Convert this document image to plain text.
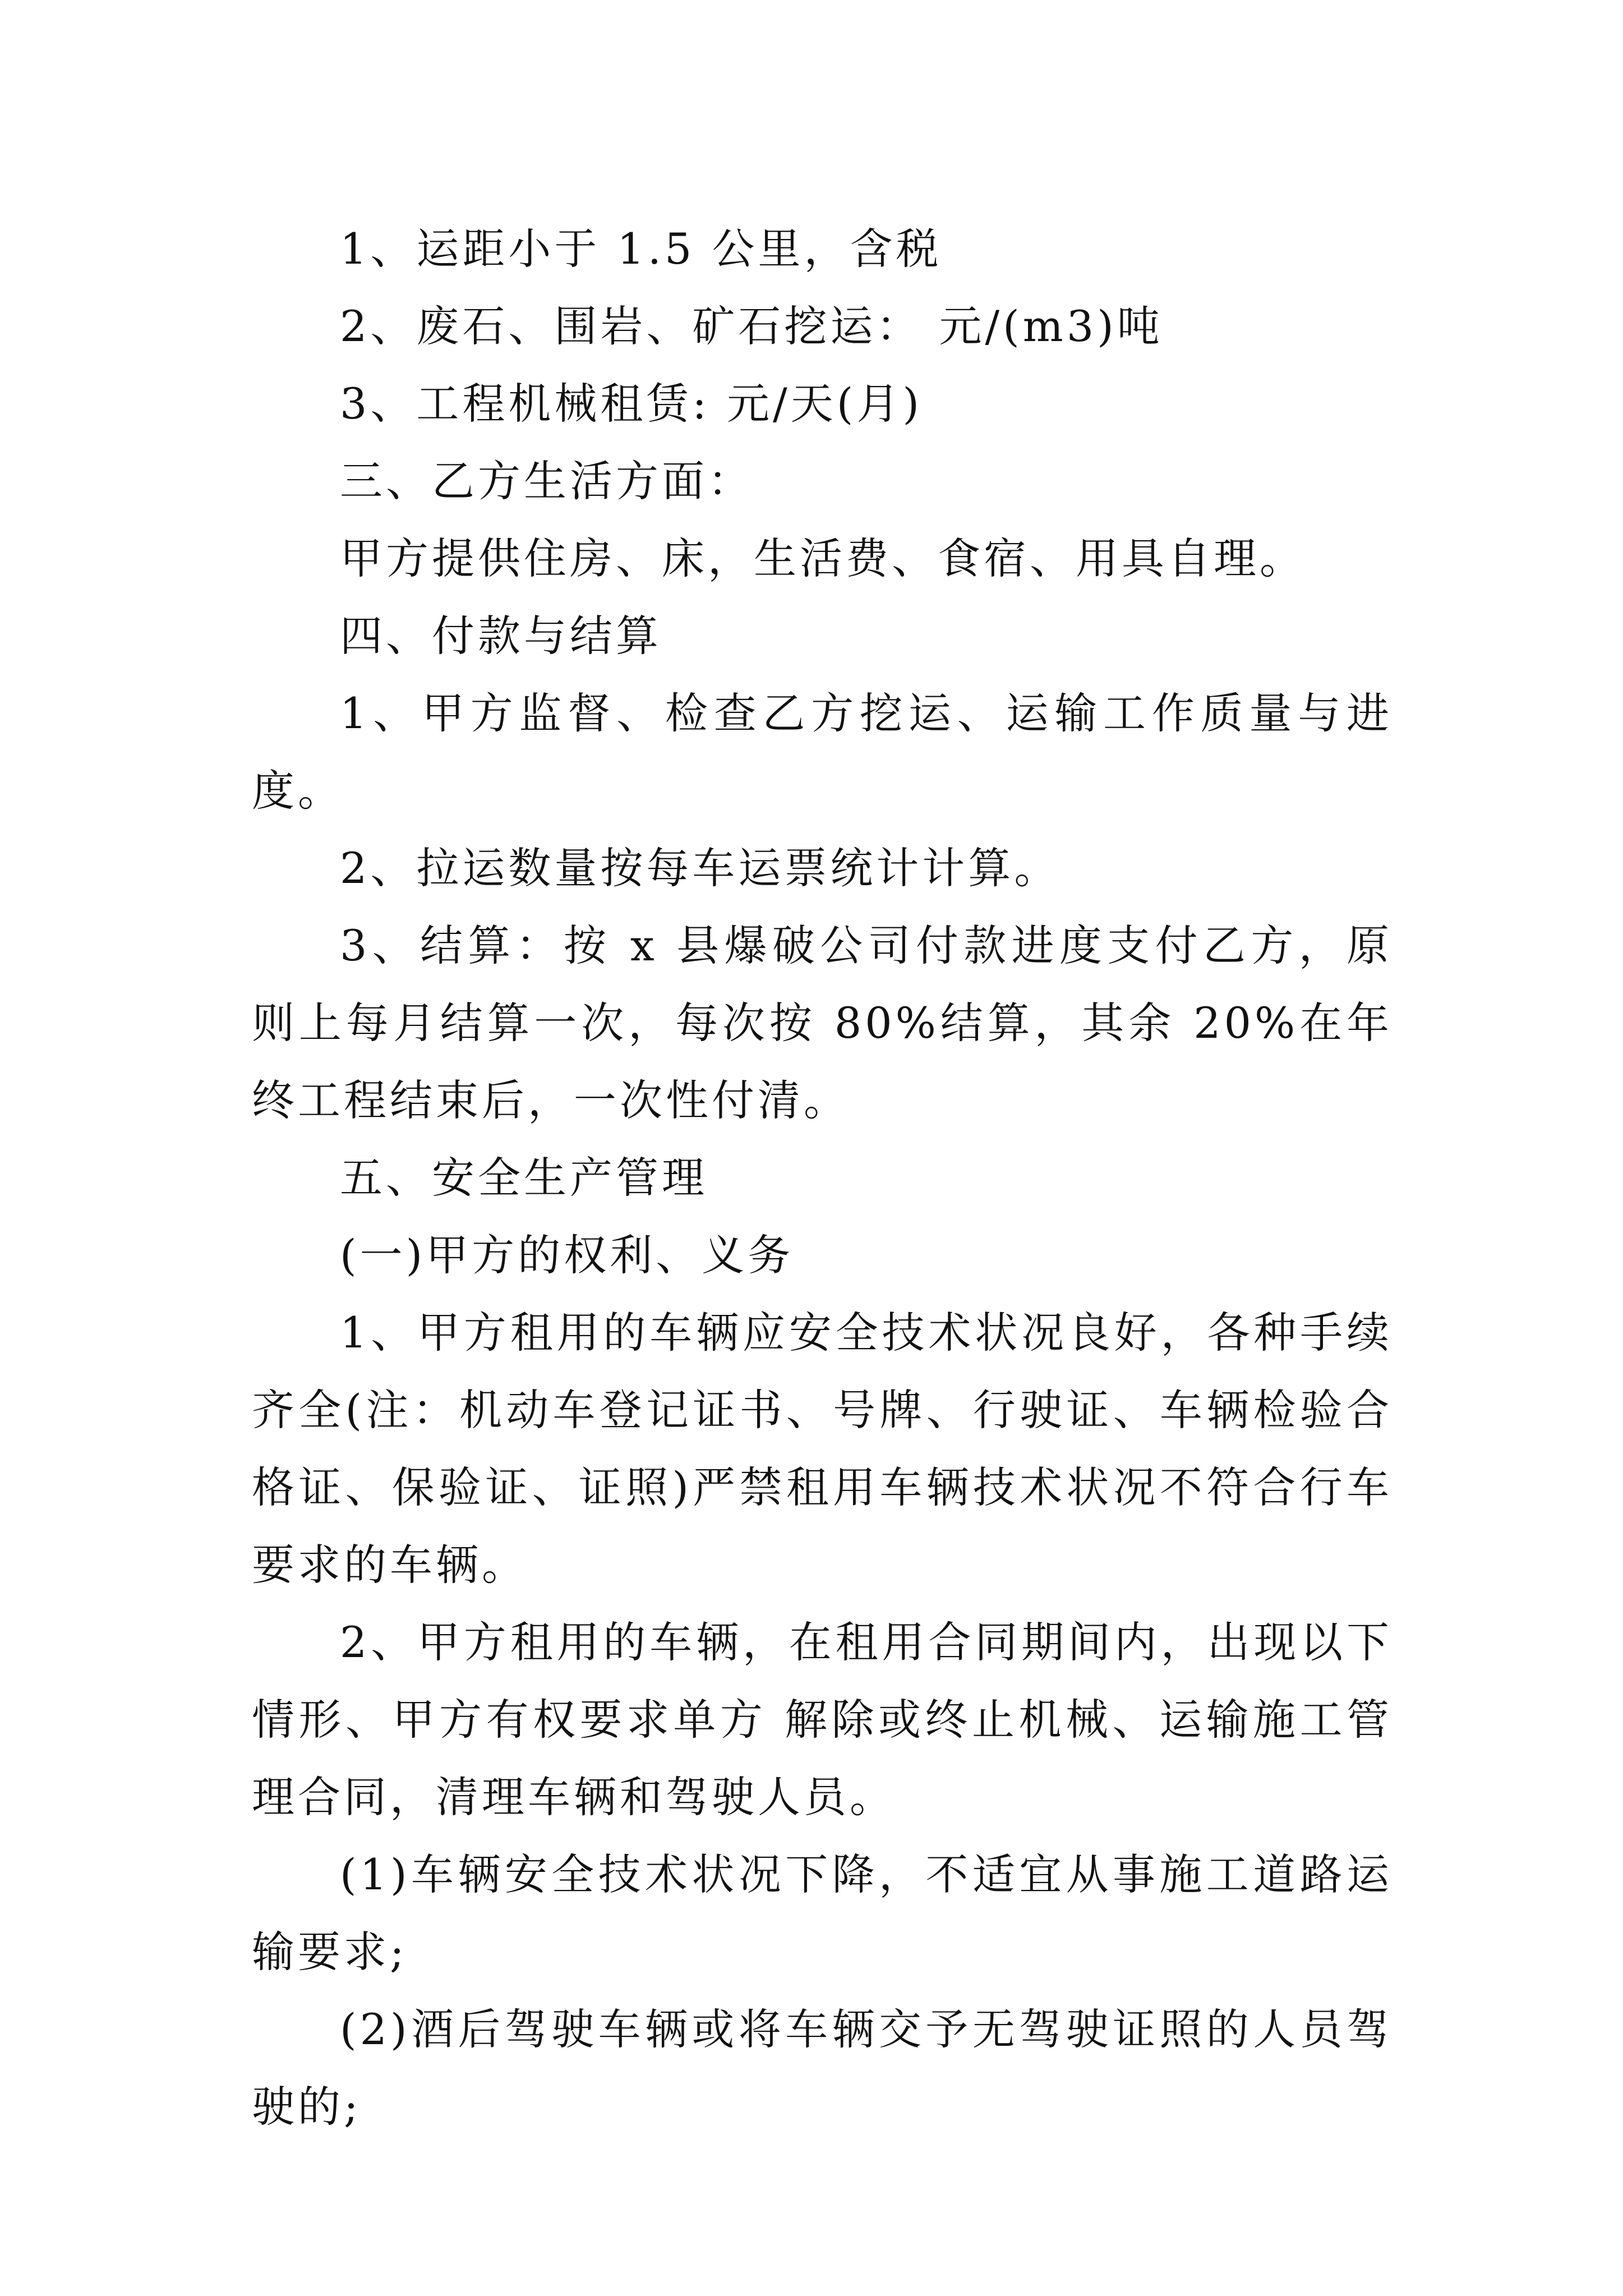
1、运距小于 1.5 公里，含税

2、废石、围岩、矿石挖运： 元/(m3)吨

3、工程机械租赁: 元/天(月)

三、乙方生活方面：

甲方提供住房、床，生活费、食宿、用具自理。

四、付款与结算

1、甲方监督、检查乙方挖运、运输工作质量与进度。

2、拉运数量按每车运票统计计算。

3、结算：按 x 县爆破公司付款进度支付乙方，原则上每月结算一次，每次按 80%结算，其余 20%在年终工程结束后，一次性付清。

五、安全生产管理

(一)甲方的权利、义务

1、甲方租用的车辆应安全技术状况良好，各种手续齐全(注：机动车登记证书、号牌、行驶证、车辆检验合格证、保验证、证照)严禁租用车辆技术状况不符合行车要求的车辆。

2、甲方租用的车辆，在租用合同期间内，出现以下情形、甲方有权要求单方 解除或终止机械、运输施工管理合同，清理车辆和驾驶人员。

(1)车辆安全技术状况下降，不适宜从事施工道路运输要求;

(2)酒后驾驶车辆或将车辆交予无驾驶证照的人员驾驶的;
